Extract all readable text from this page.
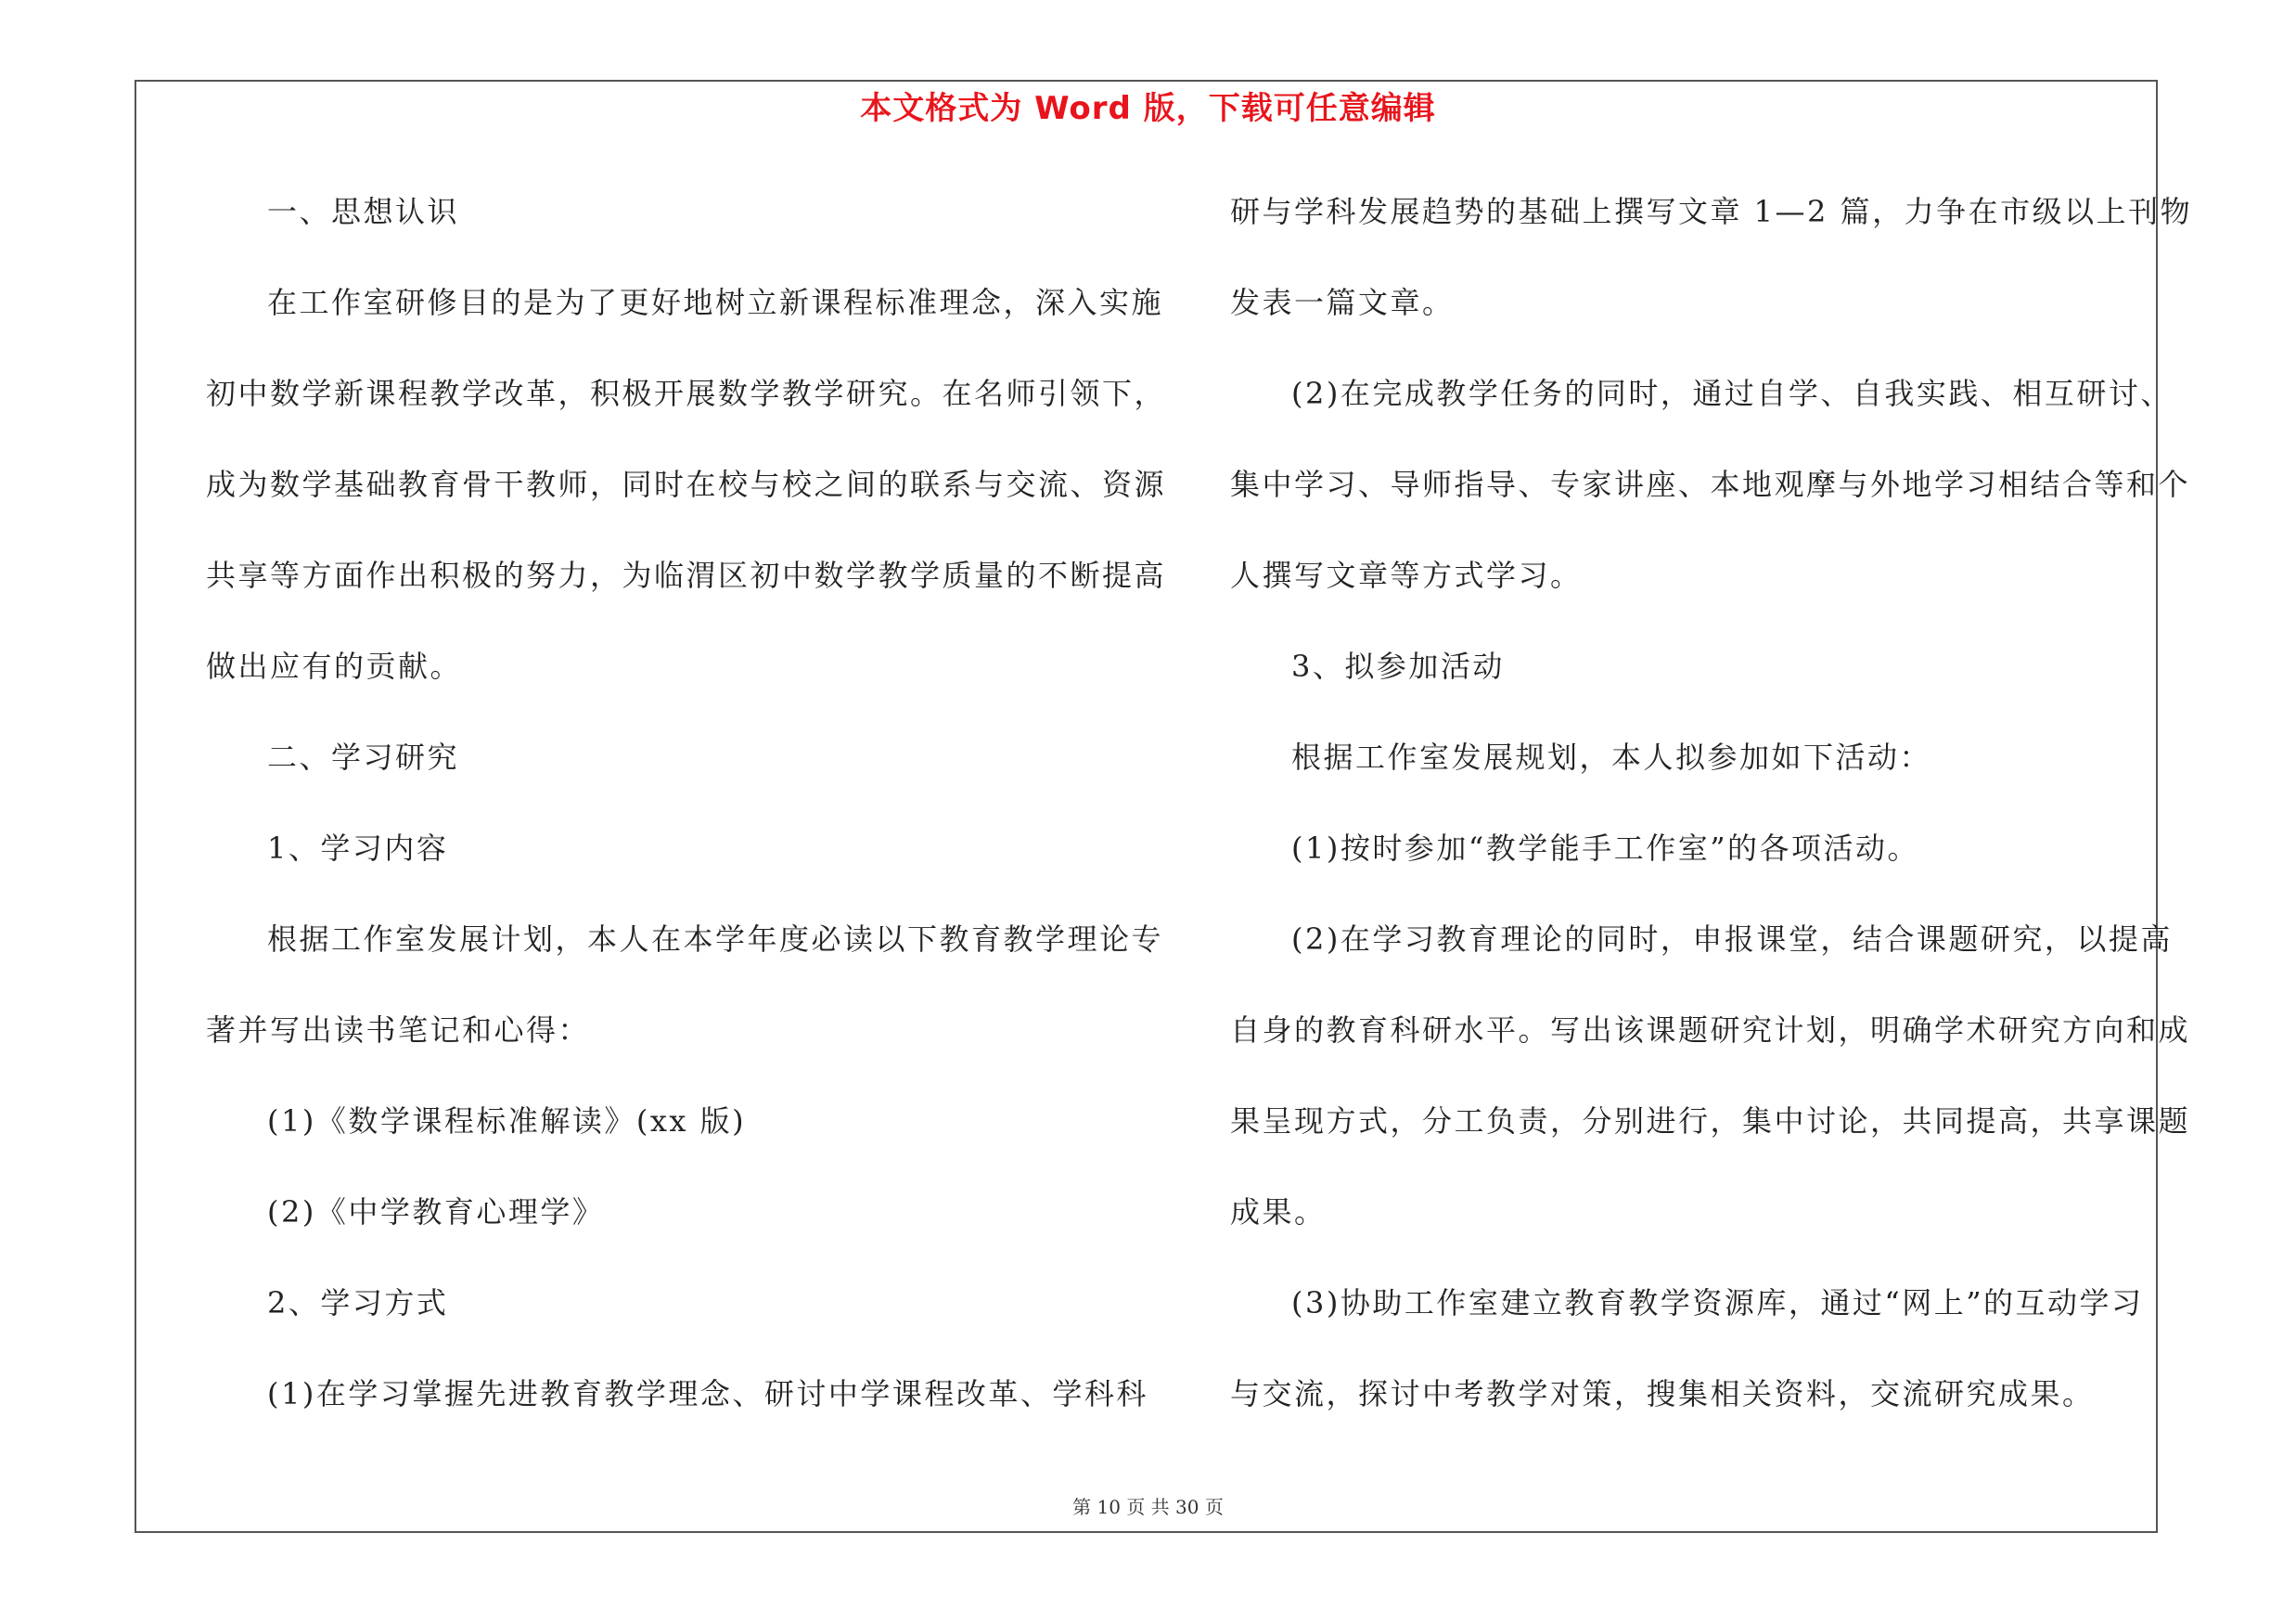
本文格式为 Word 版，下载可任意编辑
一、思想认识
在工作室研修目的是为了更好地树立新课程标准理念，深入实施
初中数学新课程教学改革，积极开展数学教学研究。在名师引领下，
成为数学基础教育骨干教师，同时在校与校之间的联系与交流、资源
共享等方面作出积极的努力，为临渭区初中数学教学质量的不断提高
做出应有的贡献。
二、学习研究
1、学习内容
根据工作室发展计划，本人在本学年度必读以下教育教学理论专
著并写出读书笔记和心得：
(1)《数学课程标准解读》(xx 版)
(2)《中学教育心理学》
2、学习方式
(1)在学习掌握先进教育教学理念、研讨中学课程改革、学科科
研与学科发展趋势的基础上撰写文章 1—2 篇，力争在市级以上刊物
发表一篇文章。
(2)在完成教学任务的同时，通过自学、自我实践、相互研讨、
集中学习、导师指导、专家讲座、本地观摩与外地学习相结合等和个
人撰写文章等方式学习。
3、拟参加活动
根据工作室发展规划，本人拟参加如下活动：
(1)按时参加“教学能手工作室”的各项活动。
(2)在学习教育理论的同时，申报课堂，结合课题研究，以提高
自身的教育科研水平。写出该课题研究计划，明确学术研究方向和成
果呈现方式，分工负责，分别进行，集中讨论，共同提高，共享课题
成果。
(3)协助工作室建立教育教学资源库，通过“网上”的互动学习
与交流，探讨中考教学对策，搜集相关资料，交流研究成果。
第 10 页 共 30 页
